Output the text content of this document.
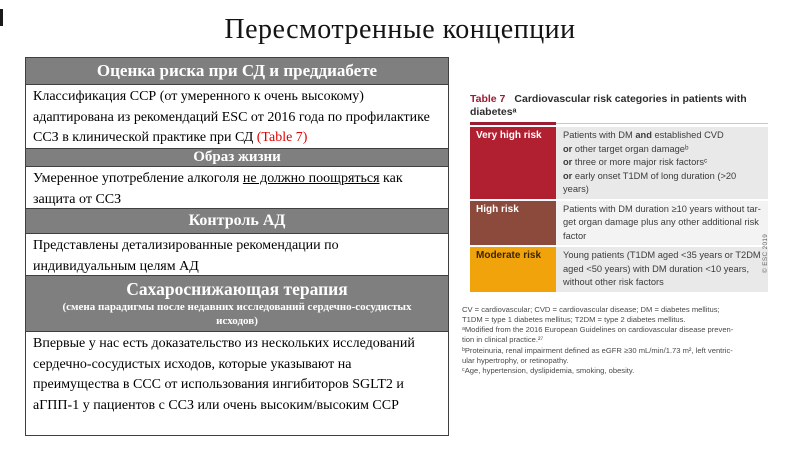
Пересмотренные концепции
Оценка риска при СД и преддиабете
Классификация ССР (от умеренного к очень высокому) адаптирована из рекомендаций ESC от 2016 года по профилактике ССЗ в клинической практике при СД (Table 7)
Образ жизни
Умеренное употребление алкоголя не должно поощряться как защита от ССЗ
Контроль АД
Представлены детализированные рекомендации по индивидуальным целям АД
Сахароснижающая терапия
(смена парадигмы после недавних исследований сердечно-сосудистых исходов)
Впервые у нас есть доказательство из нескольких исследований сердечно-сосудистых исходов, которые указывают на преимущества в ССС от использования ингибиторов SGLT2 и аГПП-1 у пациентов с ССЗ или очень высоким/высоким ССР
Table 7 Cardiovascular risk categories in patients with
diabetesᵃ
Very high risk	Patients with DM and established CVD
or other target organ damageᵇ
or three or more major risk factorsᶜ
or early onset T1DM of long duration (>20 years)
High risk	Patients with DM duration ≥10 years without tar-
get organ damage plus any other additional risk
factor
Moderate risk	Young patients (T1DM aged <35 years or T2DM
aged <50 years) with DM duration <10 years,
without other risk factors
CV = cardiovascular; CVD = cardiovascular disease; DM = diabetes mellitus;
T1DM = type 1 diabetes mellitus; T2DM = type 2 diabetes mellitus.
ᵃModified from the 2016 European Guidelines on cardiovascular disease preven-
tion in clinical practice.²⁷
ᵇProteinuria, renal impairment defined as eGFR ≥30 mL/min/1.73 m², left ventric-
ular hypertrophy, or retinopathy.
ᶜAge, hypertension, dyslipidemia, smoking, obesity.
© ESC 2019
